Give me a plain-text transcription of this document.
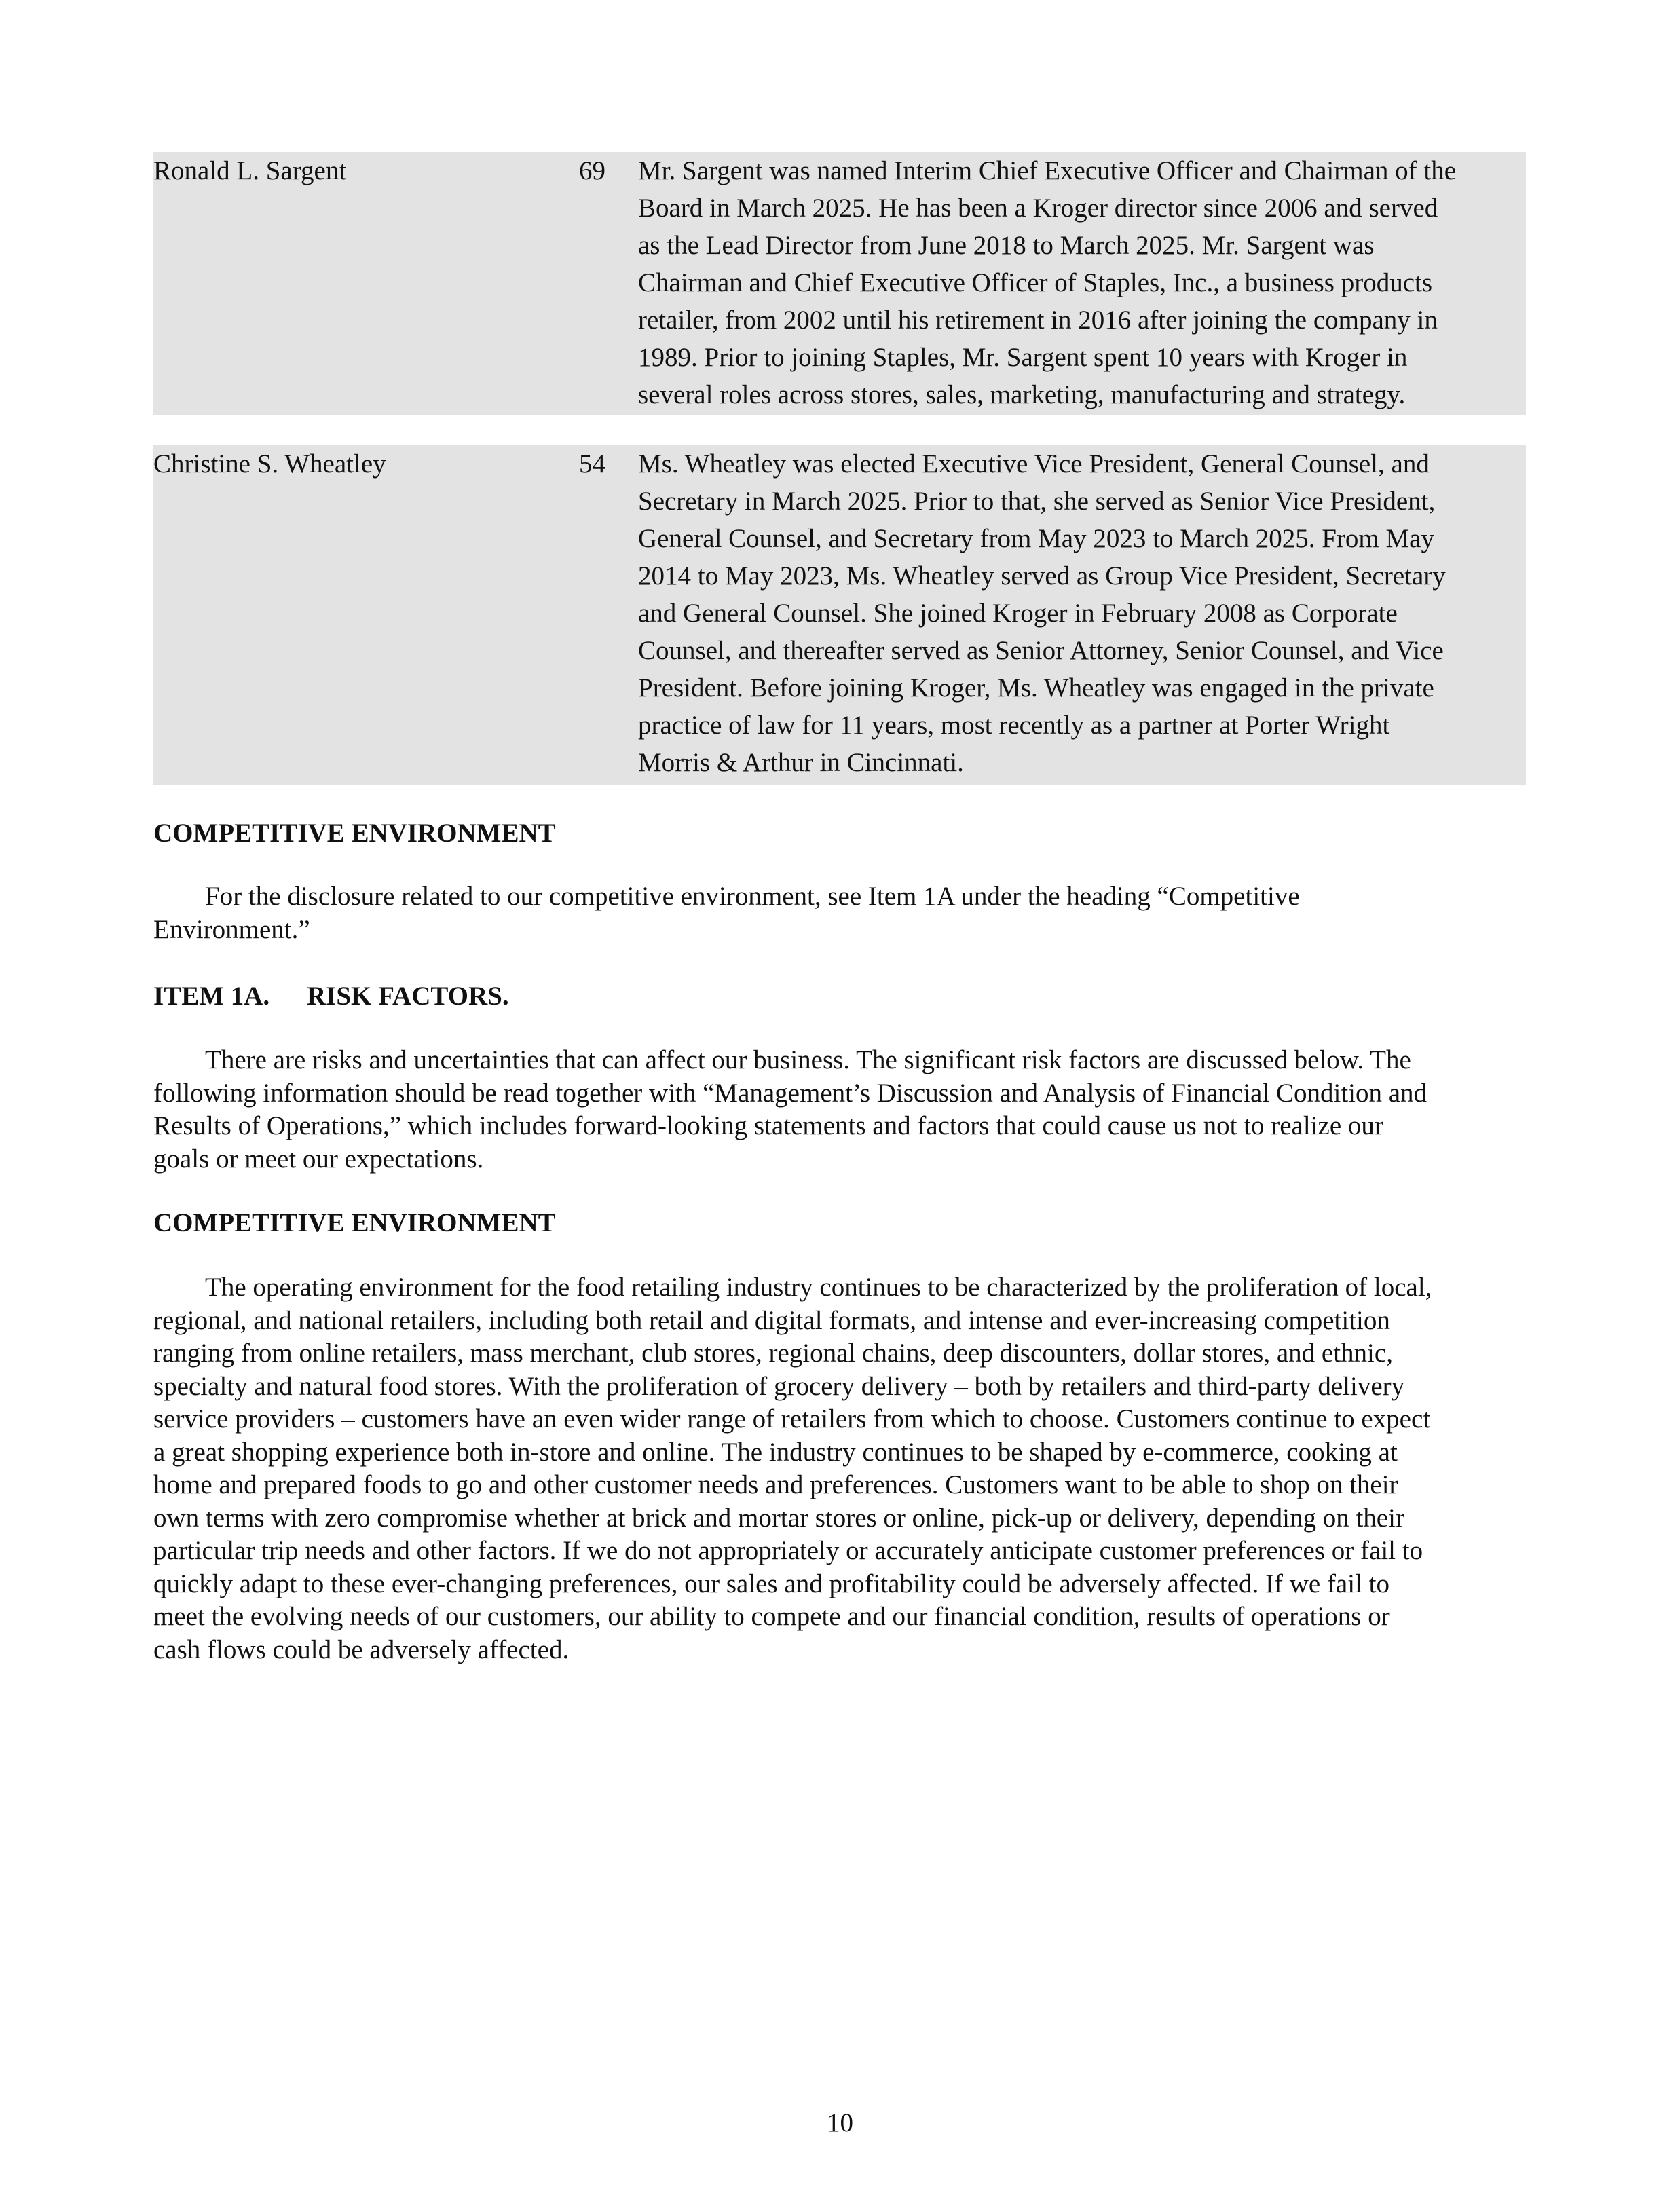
Ronald L. Sargent	69 Mr. Sargent was named Interim Chief Executive Officer and Chairman of the
Board in March 2025. He has been a Kroger director since 2006 and served
as the Lead Director from June 2018 to March 2025. Mr. Sargent was
Chairman and Chief Executive Officer of Staples, Inc., a business products
retailer, from 2002 until his retirement in 2016 after joining the company in
1989. Prior to joining Staples, Mr. Sargent spent 10 years with Kroger in
several roles across stores, sales, marketing, manufacturing and strategy.
Christine S. Wheatley	54 Ms. Wheatley was elected Executive Vice President, General Counsel, and
Secretary in March 2025. Prior to that, she served as Senior Vice President,
General Counsel, and Secretary from May 2023 to March 2025. From May
2014 to May 2023, Ms. Wheatley served as Group Vice President, Secretary
and General Counsel. She joined Kroger in February 2008 as Corporate
Counsel, and thereafter served as Senior Attorney, Senior Counsel, and Vice
President. Before joining Kroger, Ms. Wheatley was engaged in the private
practice of law for 11 years, most recently as a partner at Porter Wright
Morris & Arthur in Cincinnati.
COMPETITIVE ENVIRONMENT
For the disclosure related to our competitive environment, see Item 1A under the heading “Competitive
Environment.”
ITEM 1A. RISK FACTORS.
There are risks and uncertainties that can affect our business. The significant risk factors are discussed below. The
following information should be read together with “Management’s Discussion and Analysis of Financial Condition and
Results of Operations,” which includes forward-looking statements and factors that could cause us not to realize our
goals or meet our expectations.
COMPETITIVE ENVIRONMENT
The operating environment for the food retailing industry continues to be characterized by the proliferation of local,
regional, and national retailers, including both retail and digital formats, and intense and ever-increasing competition
ranging from online retailers, mass merchant, club stores, regional chains, deep discounters, dollar stores, and ethnic,
specialty and natural food stores. With the proliferation of grocery delivery – both by retailers and third-party delivery
service providers – customers have an even wider range of retailers from which to choose. Customers continue to expect
a great shopping experience both in-store and online. The industry continues to be shaped by e-commerce, cooking at
home and prepared foods to go and other customer needs and preferences. Customers want to be able to shop on their
own terms with zero compromise whether at brick and mortar stores or online, pick-up or delivery, depending on their
particular trip needs and other factors. If we do not appropriately or accurately anticipate customer preferences or fail to
quickly adapt to these ever-changing preferences, our sales and profitability could be adversely affected. If we fail to
meet the evolving needs of our customers, our ability to compete and our financial condition, results of operations or
cash flows could be adversely affected.
10
